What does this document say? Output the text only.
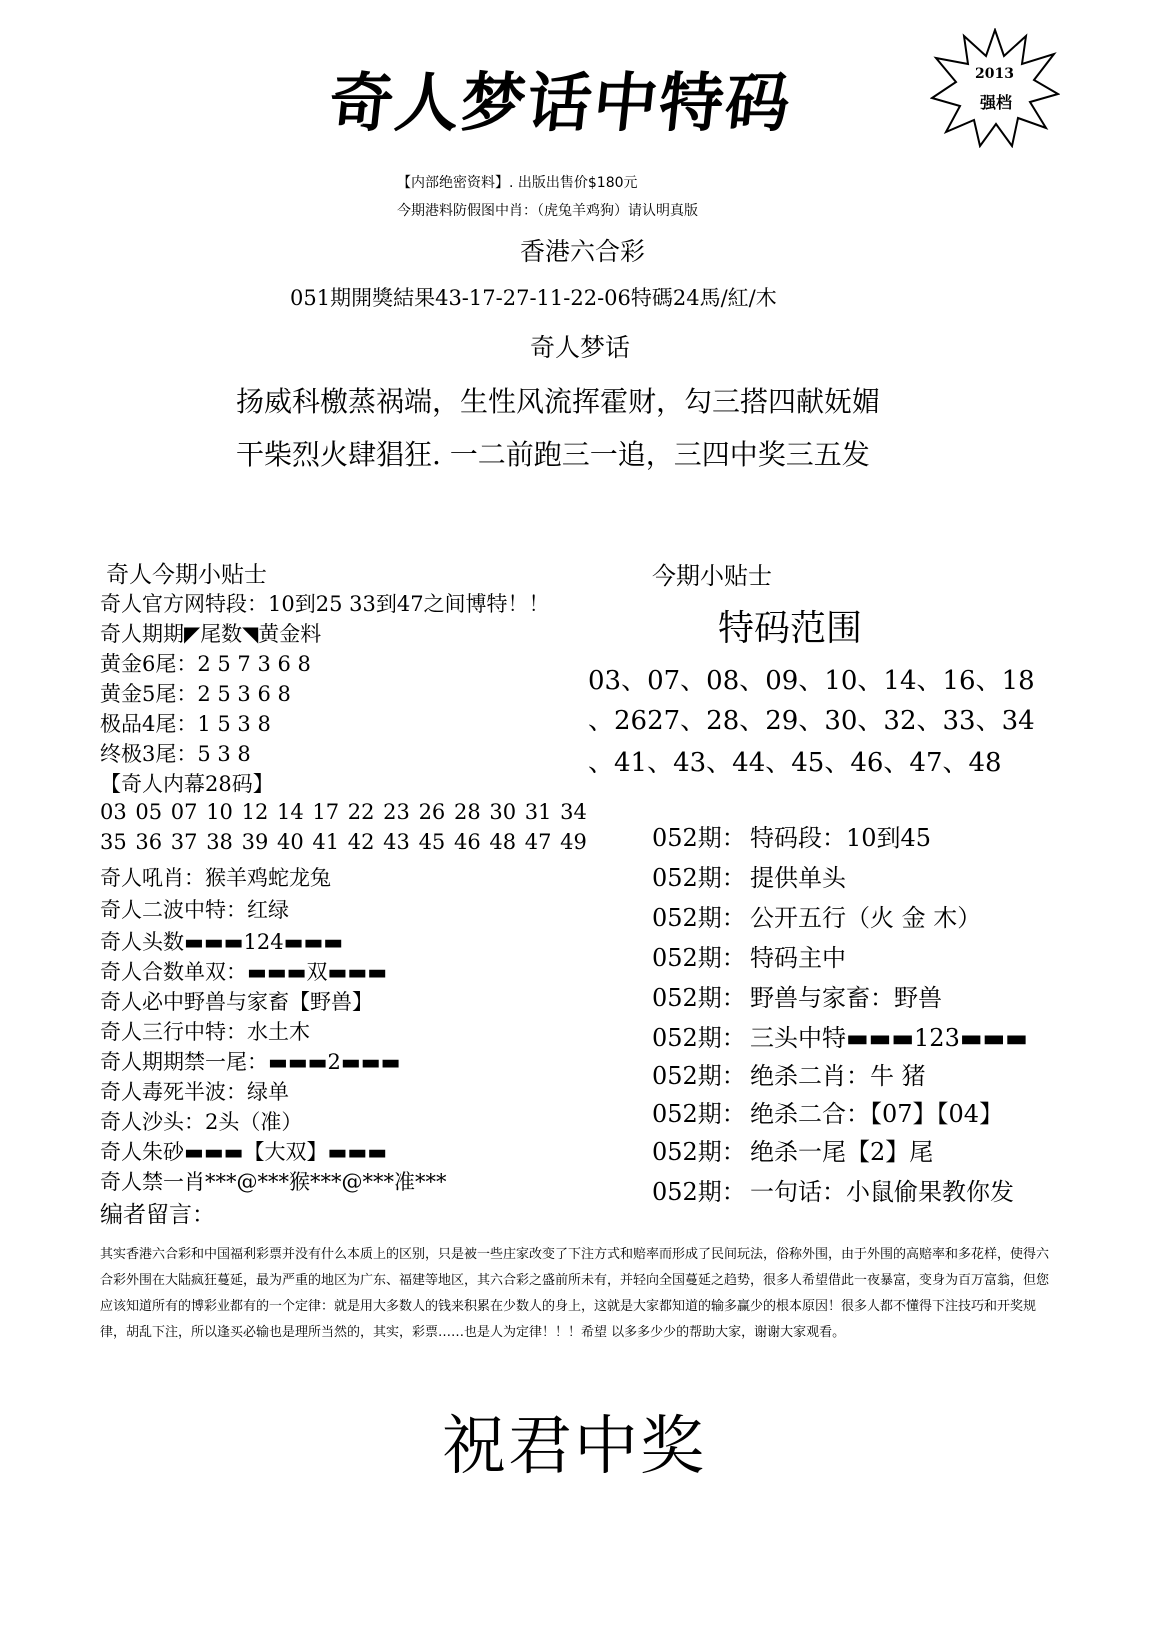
奇人梦话中特码	2013
强档
【内部绝密资料】. 出版出售价$180元
今期港料防假图中肖：（虎兔羊鸡狗）请认明真版
香港六合彩
051期開獎結果43-17-27-11-22-06特碼24馬/紅/木
奇人梦话
扬威科檄蒸祸端，生性风流挥霍财，勾三搭四献妩媚
干柴烈火肆猖狂. 一二前跑三一追，三四中奖三五发
奇人今期小贴士
奇人官方网特段：10到25 33到47之间博特！！
奇人期期◤尾数◥黄金料
黄金6尾：2 5 7 3 6 8
黄金5尾：2 5 3 6 8
极品4尾：1 5 3 8
终极3尾：5 3 8
【奇人内幕28码】
03 05 07 10 12 14 17 22 23 26 28 30 31 34
35 36 37 38 39 40 41 42 43 45 46 48 47 49
奇人吼肖：猴羊鸡蛇龙兔
奇人二波中特：红绿
奇人头数▬▬▬124▬▬▬
奇人合数单双：▬▬▬双▬▬▬
奇人必中野兽与家畜【野兽】
奇人三行中特：水土木
奇人期期禁一尾：▬▬▬2▬▬▬
奇人毒死半波：绿单
奇人沙头：2头（准）
奇人朱砂▬▬▬【大双】▬▬▬
奇人禁一肖***@***猴***@***准***
编者留言：
今期小贴士
特码范围
03、07、08、09、10、14、16、18
、2627、28、29、30、32、33、34
、41、43、44、45、46、47、48
052期： 特码段：10到45
052期： 提供单头
052期： 公开五行（火 金 木）
052期： 特码主中
052期： 野兽与家畜：野兽
052期： 三头中特▬▬▬123▬▬▬
052期： 绝杀二肖：牛 猪
052期： 绝杀二合：【07】【04】
052期： 绝杀一尾【2】尾
052期： 一句话：小鼠偷果教你发
其实香港六合彩和中国福利彩票并没有什么本质上的区别，只是被一些庄家改变了下注方式和赔率而形成了民间玩法，俗称外围，由于外围的高赔率和多花样，使得六合彩外围在大陆疯狂蔓延，最为严重的地区为广东、福建等地区，其六合彩之盛前所未有，并轻向全国蔓延之趋势，很多人希望借此一夜暴富，变身为百万富翁，但您应该知道所有的博彩业都有的一个定律：就是用大多数人的钱来积累在少数人的身上，这就是大家都知道的输多赢少的根本原因！很多人都不懂得下注技巧和开奖规律，胡乱下注，所以逢买必输也是理所当然的，其实，彩票……也是人为定律！！！希望 以多多少少的帮助大家，谢谢大家观看。
祝君中奖
